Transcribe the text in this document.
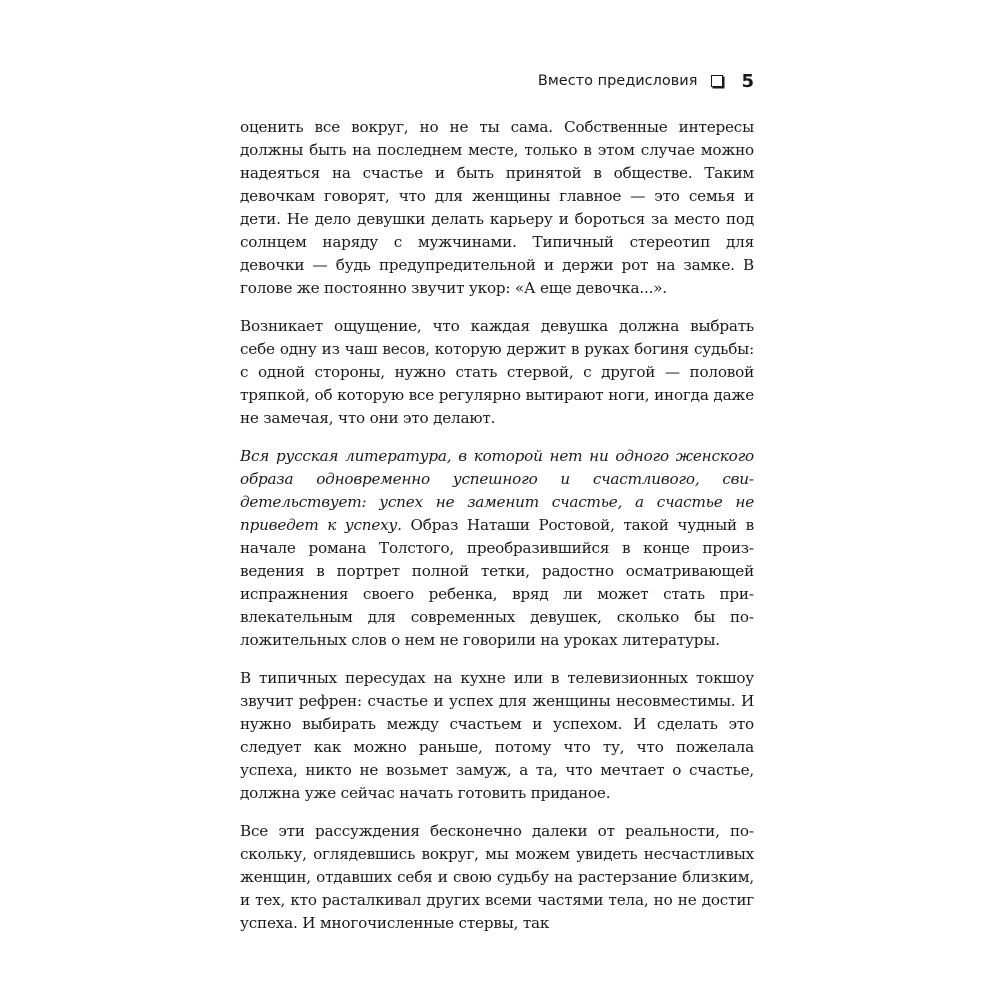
Вместо предисловия 5

оценить все вокруг, но не ты сама. Собственные интересы должны быть на последнем месте, только в этом случае можно надеяться на счастье и быть принятой в обществе. Таким девочкам говорят, что для женщины главное — это семья и дети. Не дело девушки делать карьеру и бороться за место под солнцем наряду с мужчинами. Типичный стереотип для девочки — будь предупредительной и держи рот на замке. В голове же постоянно звучит укор: «А еще девочка...».

Возникает ощущение, что каждая девушка должна выбрать себе одну из чаш весов, которую держит в руках богиня судьбы: с одной стороны, нужно стать стервой, с другой — половой тряпкой, об которую все регулярно вытирают ноги, иногда даже не замечая, что они это делают.

Вся русская литература, в которой нет ни одного женского образа одновременно успешного и счастливого, свидетельствует: успех не заменит счастье, а счастье не приведет к успеху. Образ Наташи Ростовой, такой чудный в начале романа Толстого, преобразившийся в конце произведения в портрет полной тетки, радостно осматривающей испражнения своего ребенка, вряд ли может стать привлекательным для современных девушек, сколько бы положительных слов о нем не говорили на уроках литературы.

В типичных пересудах на кухне или в телевизионных токшоу звучит рефрен: счастье и успех для женщины несовместимы. И нужно выбирать между счастьем и успехом. И сделать это следует как можно раньше, потому что ту, что пожелала успеха, никто не возьмет замуж, а та, что мечтает о счастье, должна уже сейчас начать готовить приданое.

Все эти рассуждения бесконечно далеки от реальности, поскольку, оглядевшись вокруг, мы можем увидеть несчастливых женщин, отдавших себя и свою судьбу на растерзание близким, и тех, кто расталкивал других всеми частями тела, но не достиг успеха. И многочисленные стервы, так
